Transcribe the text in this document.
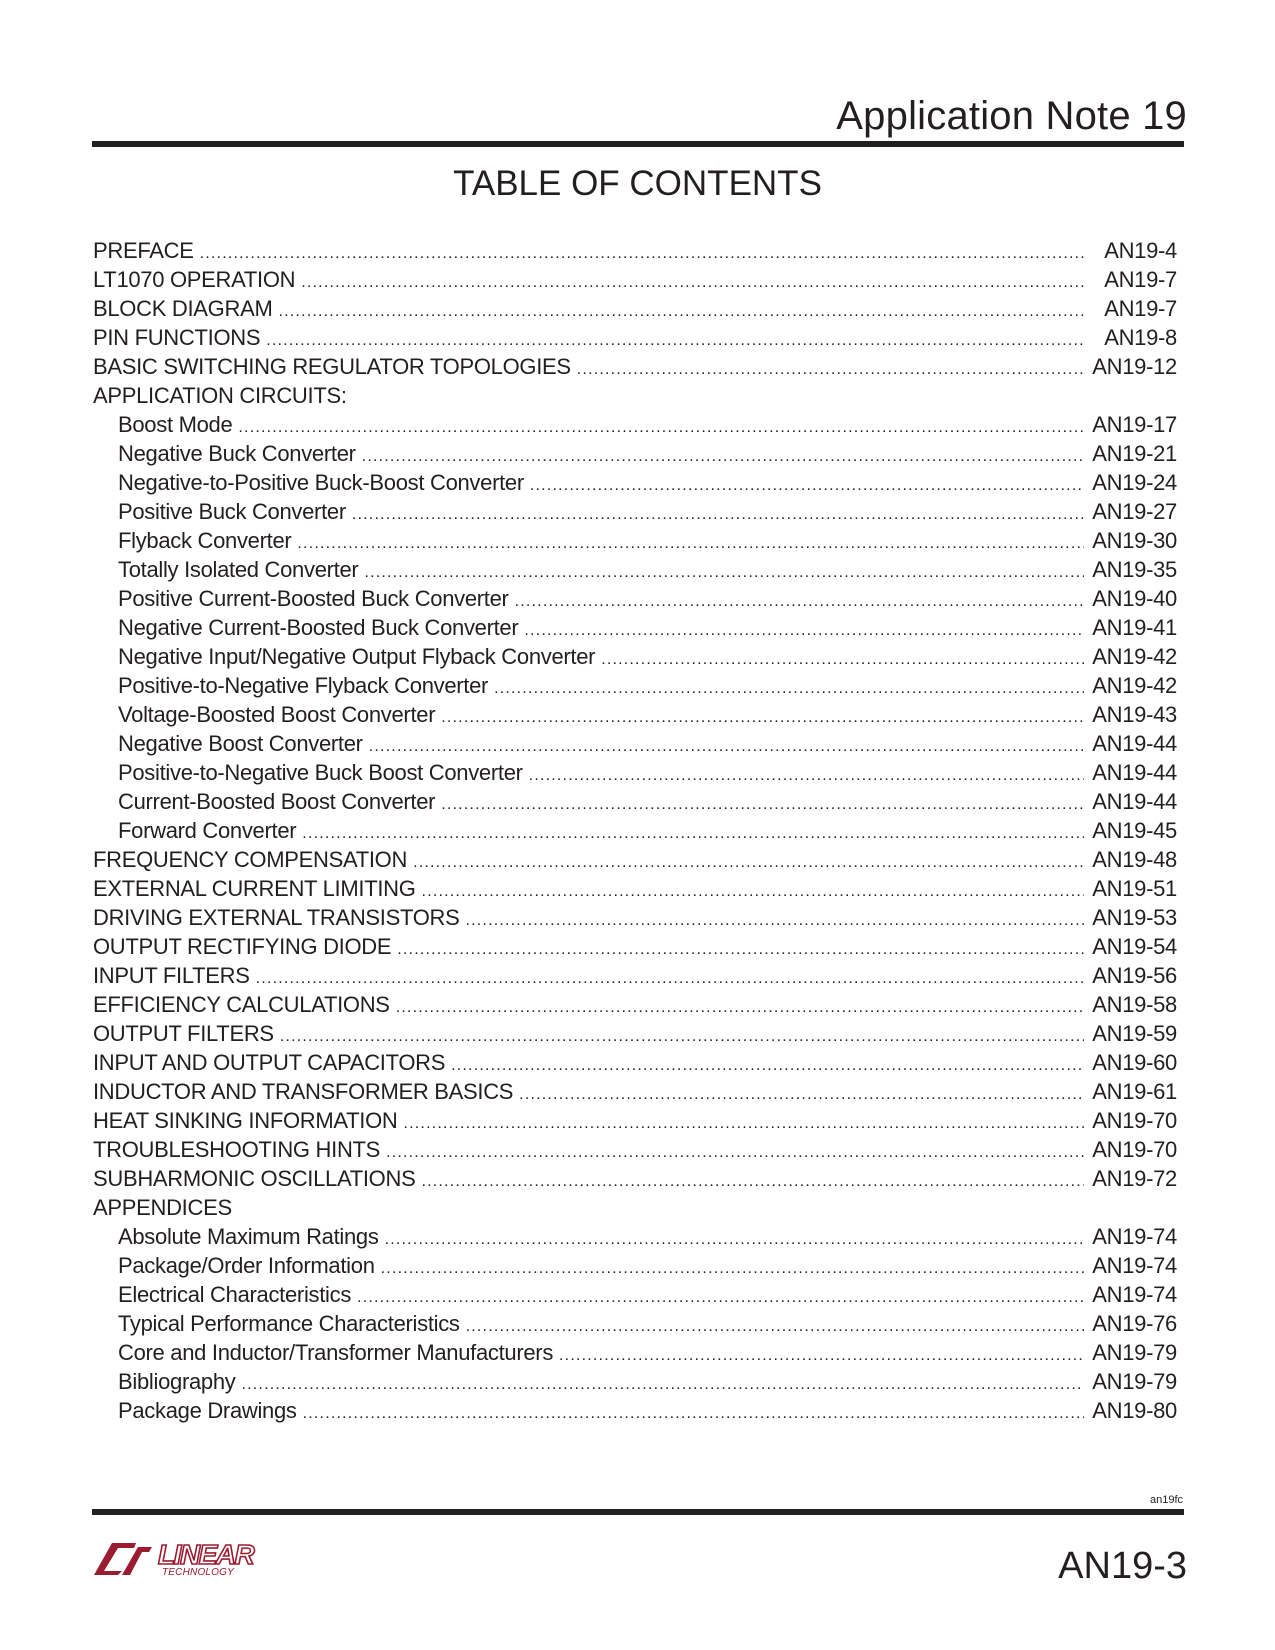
Application Note 19
TABLE OF CONTENTS
PREFACE .....	AN19-4
LT1070 OPERATION .....	AN19-7
BLOCK DIAGRAM .....	AN19-7
PIN FUNCTIONS .....	AN19-8
BASIC SWITCHING REGULATOR TOPOLOGIES .....	AN19-12
APPLICATION CIRCUITS:
Boost Mode .....	AN19-17
Negative Buck Converter .....	AN19-21
Negative-to-Positive Buck-Boost Converter .....	AN19-24
Positive Buck Converter .....	AN19-27
Flyback Converter .....	AN19-30
Totally Isolated Converter .....	AN19-35
Positive Current-Boosted Buck Converter .....	AN19-40
Negative Current-Boosted Buck Converter .....	AN19-41
Negative Input/Negative Output Flyback Converter .....	AN19-42
Positive-to-Negative Flyback Converter .....	AN19-42
Voltage-Boosted Boost Converter .....	AN19-43
Negative Boost Converter .....	AN19-44
Positive-to-Negative Buck Boost Converter .....	AN19-44
Current-Boosted Boost Converter .....	AN19-44
Forward Converter .....	AN19-45
FREQUENCY COMPENSATION .....	AN19-48
EXTERNAL CURRENT LIMITING .....	AN19-51
DRIVING EXTERNAL TRANSISTORS .....	AN19-53
OUTPUT RECTIFYING DIODE .....	AN19-54
INPUT FILTERS .....	AN19-56
EFFICIENCY CALCULATIONS .....	AN19-58
OUTPUT FILTERS .....	AN19-59
INPUT AND OUTPUT CAPACITORS .....	AN19-60
INDUCTOR AND TRANSFORMER BASICS .....	AN19-61
HEAT SINKING INFORMATION .....	AN19-70
TROUBLESHOOTING HINTS .....	AN19-70
SUBHARMONIC OSCILLATIONS .....	AN19-72
APPENDICES
Absolute Maximum Ratings .....	AN19-74
Package/Order Information .....	AN19-74
Electrical Characteristics .....	AN19-74
Typical Performance Characteristics .....	AN19-76
Core and Inductor/Transformer Manufacturers .....	AN19-79
Bibliography .....	AN19-79
Package Drawings .....	AN19-80
an19fc
LINEAR
TECHNOLOGY	AN19-3
